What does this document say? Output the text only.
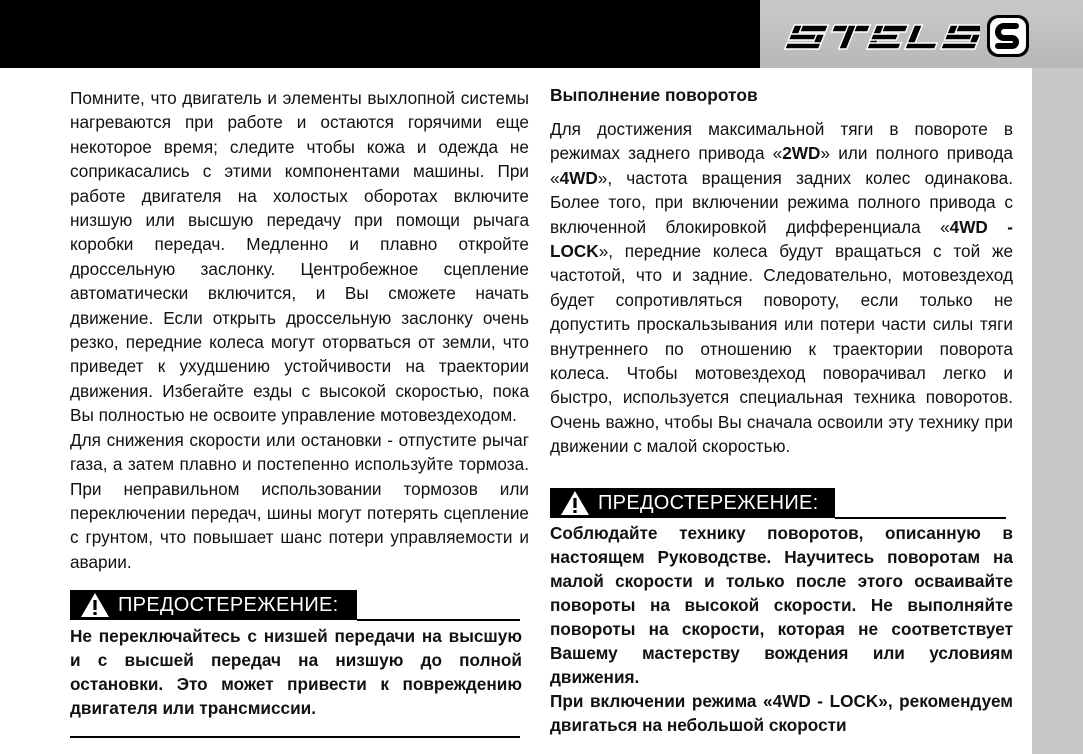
Помните, что двигатель и элементы выхлопной системы нагреваются при работе и остаются горячими еще некоторое время; следите чтобы кожа и одежда не соприкасались с этими компонентами машины. При работе двигателя на холостых оборотах включите низшую или высшую передачу при помощи рычага коробки передач. Медленно и плавно откройте дроссельную заслонку. Центробежное сцепление автоматически включится, и Вы сможете начать движение. Если открыть дроссельную заслонку очень резко, передние колеса могут оторваться от земли, что приведет к ухудшению устойчивости на траектории движения. Избегайте езды с высокой скоростью, пока Вы полностью не освоите управление мотовездеходом.

Для снижения скорости или остановки - отпустите рычаг газа, а затем плавно и постепенно используйте тормоза. При неправильном использовании тормозов или переключении передач, шины могут потерять сцепление с грунтом, что повышает шанс потери управляемости и аварии.

ПРЕДОСТЕРЕЖЕНИЕ:

Не переключайтесь с низшей передачи на высшую и с высшей передач на низшую до полной остановки. Это может привести к повреждению двигателя или трансмиссии.

Выполнение поворотов

Для достижения максимальной тяги в повороте в режимах заднего привода «2WD» или полного привода «4WD», частота вращения задних колес одинакова. Более того, при включении режима полного привода с включенной блокировкой дифференциала «4WD - LOCK», передние колеса будут вращаться с той же частотой, что и задние. Следовательно, мотовездеход будет сопротивляться повороту, если только не допустить проскальзывания или потери части силы тяги внутреннего по отношению к траектории поворота колеса. Чтобы мотовездеход поворачивал легко и быстро, используется специальная техника поворотов. Очень важно, чтобы Вы сначала освоили эту технику при движении с малой скоростью.

ПРЕДОСТЕРЕЖЕНИЕ:

Соблюдайте технику поворотов, описанную в настоящем Руководстве. Научитесь поворотам на малой скорости и только после этого осваивайте повороты на высокой скорости. Не выполняйте повороты на скорости, которая не соответствует Вашему мастерству вождения или условиям движения.

При включении режима «4WD - LOCK», рекомендуем двигаться на небольшой скорости
